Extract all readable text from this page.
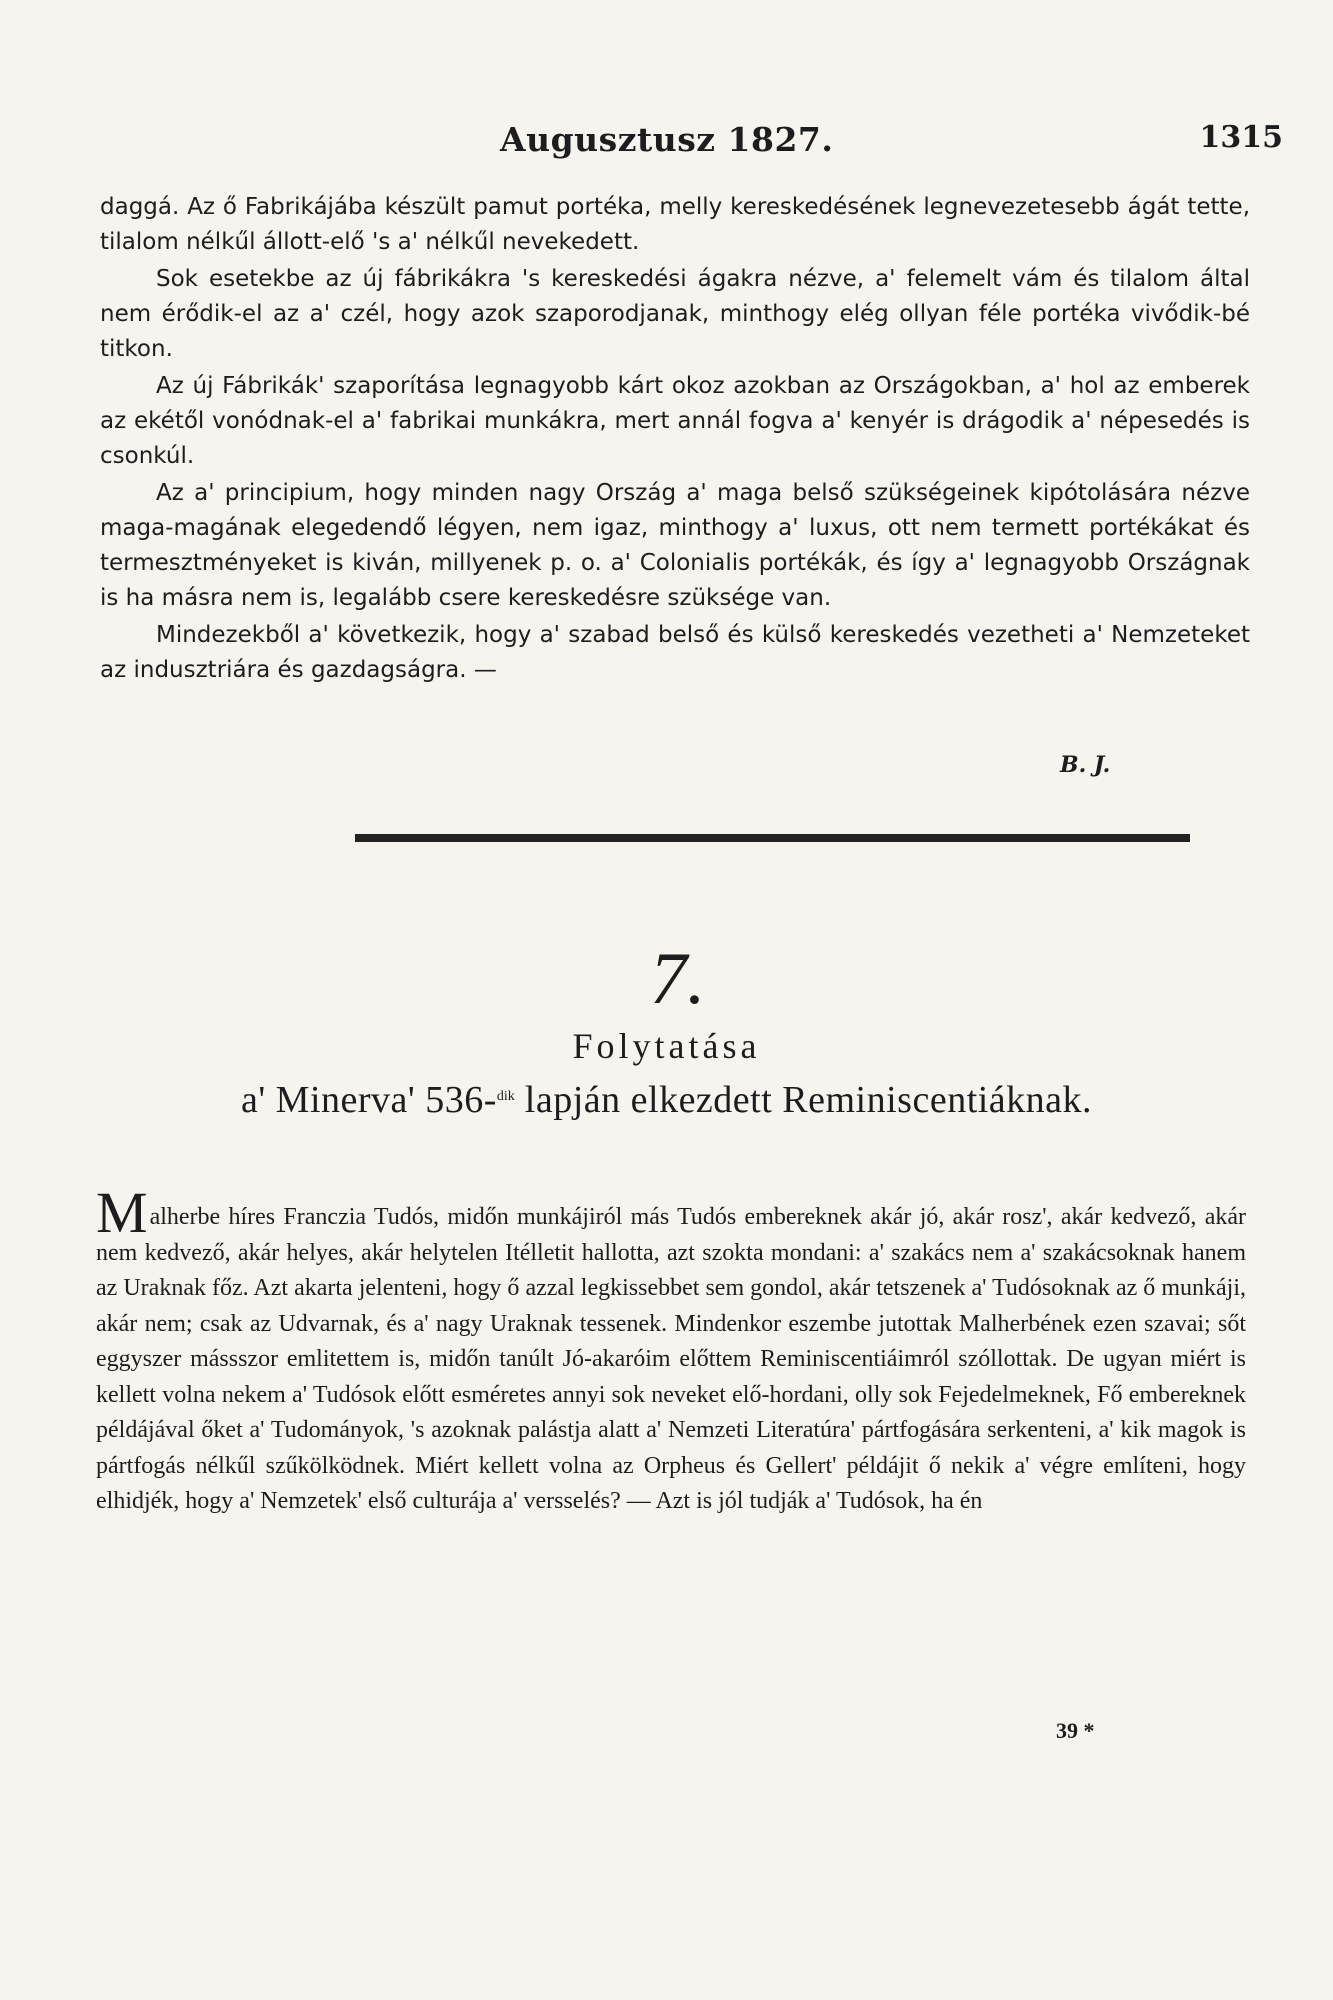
Augusztusz 1827.	1315

daggá. Az ő Fabrikájába készült pamut portéka, melly kereskedésének legnevezetesebb ágát tette, tilalom nélkűl állott-elő 's a' nélkűl nevekedett.

Sok esetekbe az új fábrikákra 's kereskedési ágakra nézve, a' felemelt vám és tilalom által nem érődik-el az a' czél, hogy azok szaporodjanak, minthogy elég ollyan féle portéka vivődik-bé titkon.

Az új Fábrikák' szaporítása legnagyobb kárt okoz azokban az Országokban, a' hol az emberek az ekétől vonódnak-el a' fabrikai munkákra, mert annál fogva a' kenyér is drágodik a' népesedés is csonkúl.

Az a' principium, hogy minden nagy Ország a' maga belső szükségeinek kipótolására nézve maga-magának elegedendő légyen, nem igaz, minthogy a' luxus, ott nem termett portékákat és termesztményeket is kiván, millyenek p. o. a' Colonialis portékák, és így a' legnagyobb Országnak is ha másra nem is, legalább csere kereskedésre szüksége van.

Mindezekből a' következik, hogy a' szabad belső és külső kereskedés vezetheti a' Nemzeteket az indusztriára és gazdagságra. —

B. J.
7.
Folytatása
a' Minerva' 536-$^{dik}$ lapján elkezdett Reminiscentiáknak.
Malherbe híres Franczia Tudós, midőn munkájiról más Tudós embereknek akár jó, akár rosz', akár kedvező, akár nem kedvező, akár helyes, akár helytelen Itélletit hallotta, azt szokta mondani: a' szakács nem a' szakácsoknak hanem az Uraknak főz. Azt akarta jelenteni, hogy ő azzal legkissebbet sem gondol, akár tetszenek a' Tudósoknak az ő munkáji, akár nem; csak az Udvarnak, és a' nagy Uraknak tessenek. Mindenkor eszembe jutottak Malherbének ezen szavai; sőt eggyszer mássszor emlitettem is, midőn tanúlt Jó-akaróim előttem Reminiscentiáimról szóllottak. De ugyan miért is kellett volna nekem a' Tudósok előtt esméretes annyi sok neveket elő-hordani, olly sok Fejedelmeknek, Fő embereknek példájával őket a' Tudományok, 's azoknak palástja alatt a' Nemzeti Literatúra' pártfogására serkenteni, a' kik magok is pártfogás nélkűl szűkölködnek. Miért kellett volna az Orpheus és Gellert' példájit ő nekik a' végre említeni, hogy elhidjék, hogy a' Nemzetek' első culturája a' versselés? — Azt is jól tudják a' Tudósok, ha én
39 *
